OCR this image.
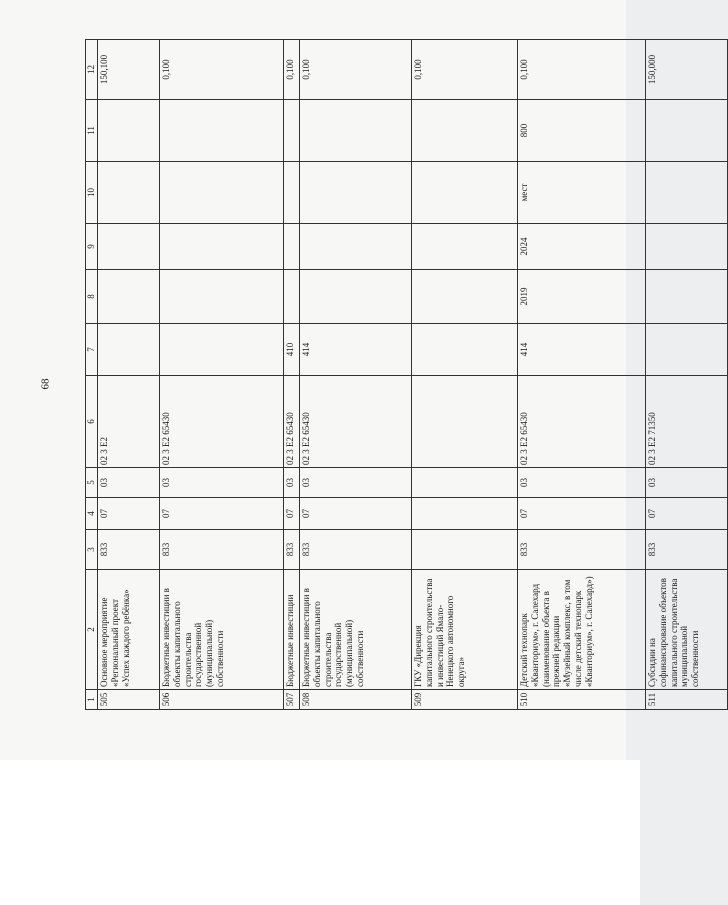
68
1	2	3	4	5	6	7	8	9	10	11	12
505	Основное мероприятие «Региональный проект «Успех каждого ребёнка»	833	07	03	02 3 E2						150,100
506	Бюджетные инвестиции в объекты капитального строительства государственной (муниципальной) собственности	833	07	03	02 3 E2 65430						0,100
507	Бюджетные инвестиции	833	07	03	02 3 E2 65430	410					0,100
508	Бюджетные инвестиции в объекты капитального строительства государственной (муниципальной) собственности	833	07	03	02 3 E2 65430	414					0,100
509	ГКУ «Дирекция капитального строительства и инвестиций Ямало-Ненецкого автономного округа»										0,100
510	Детский технопарк «Кванториум», г. Салехард (наименование объекта в прежней редакции «Музейный комплекс, в том числе детский технопарк «Кванториум», г. Салехард»)	833	07	03	02 3 E2 65430	414	2019	2024	мест	800	0,100
511	Субсидии на софинансирование объектов капитального строительства муниципальной собственности	833	07	03	02 3 E2 71350						150,000
